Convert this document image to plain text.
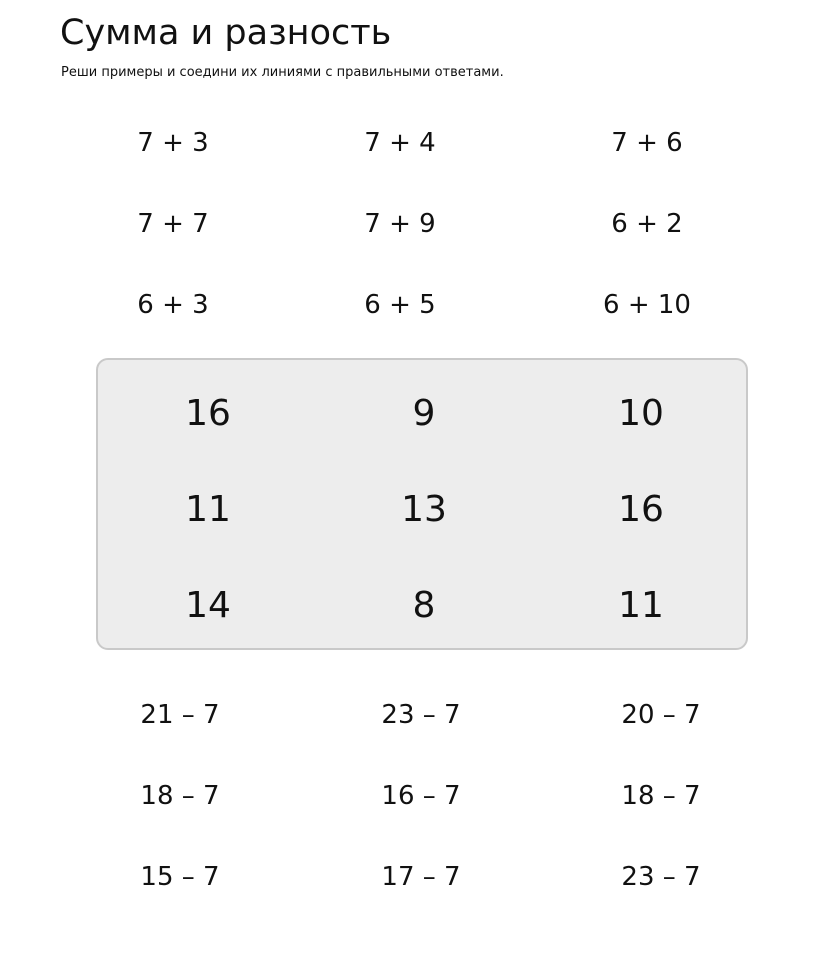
Сумма и разность
Реши примеры и соедини их линиями с правильными ответами.
7 + 3	7 + 4	7 + 6
7 + 7	7 + 9	6 + 2
6 + 3	6 + 5	6 + 10
16	9	10
11	13	16
14	8	11
21 – 7	23 – 7	20 – 7
18 – 7	16 – 7	18 – 7
15 – 7	17 – 7	23 – 7
